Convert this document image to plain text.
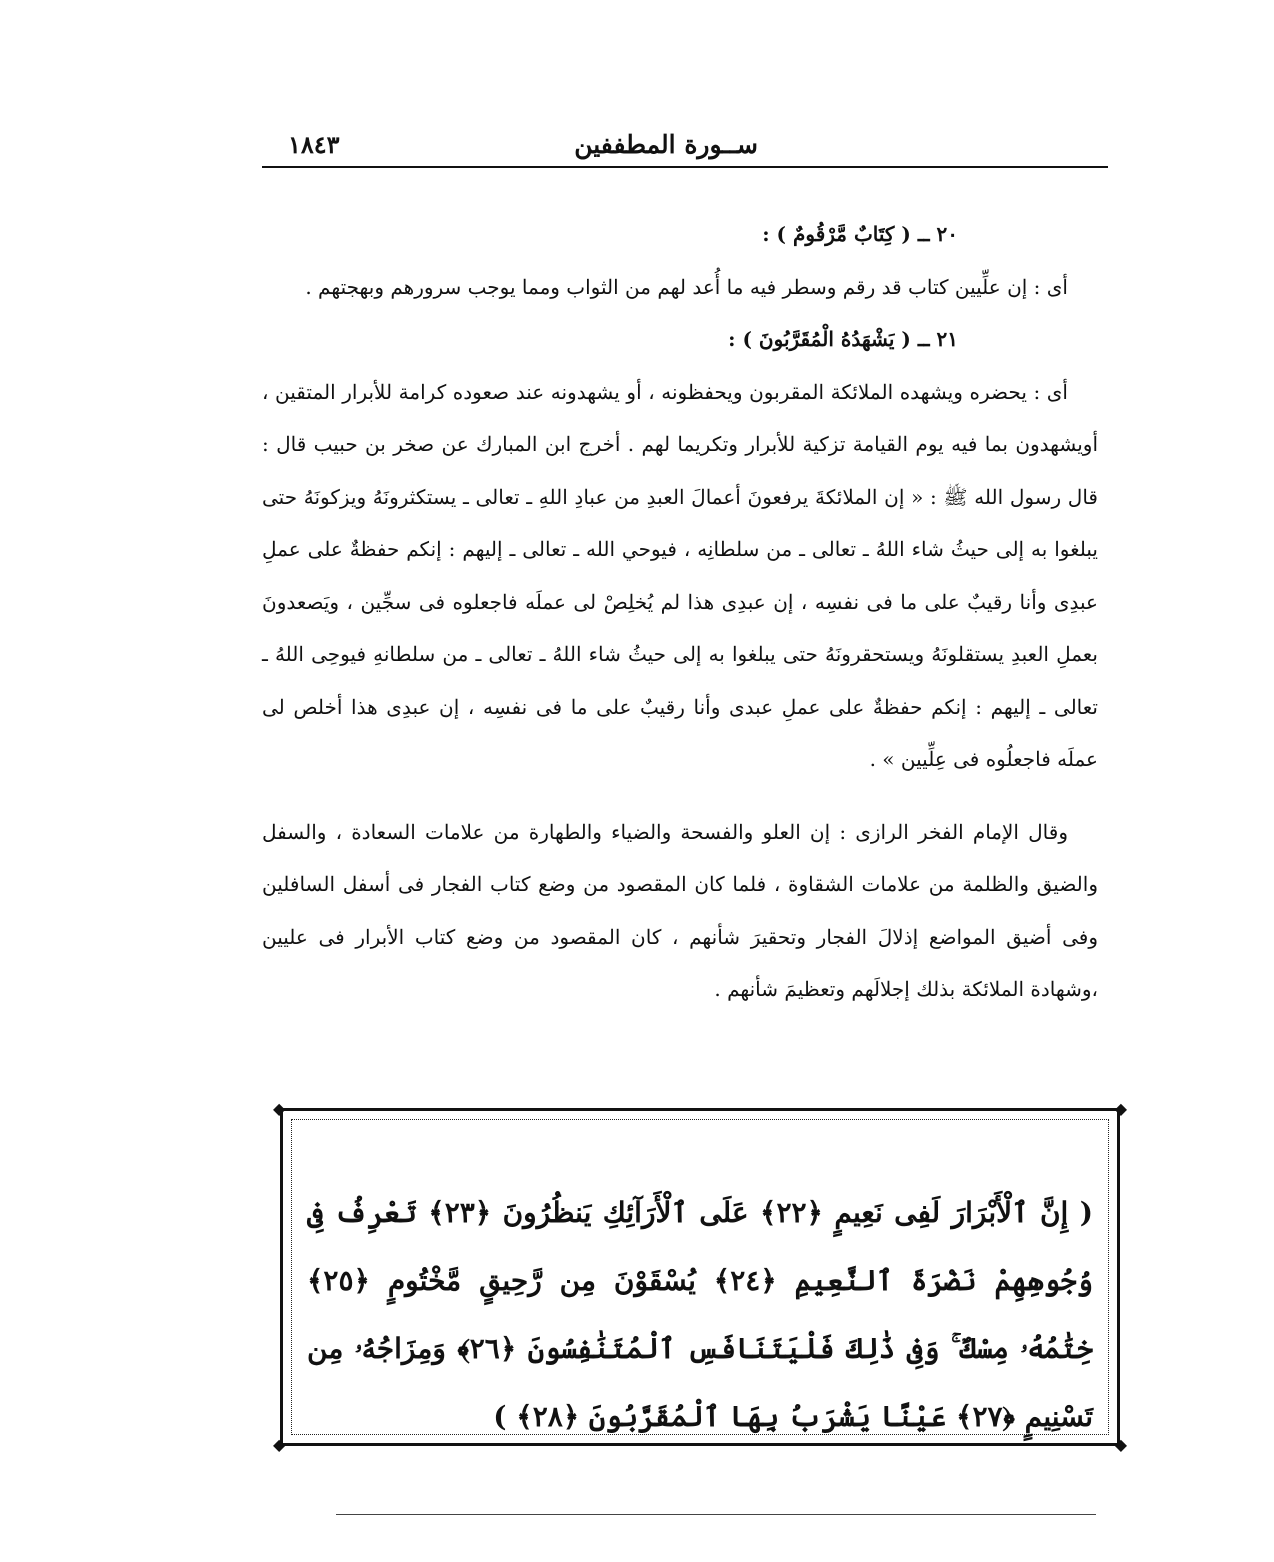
ســورة المطففين
١٨٤٣

٢٠ ــ ( كِتَابٌ مَّرْقُومٌ ) :

أى : إن علِّيين كتاب قد رقم وسطر فيه ما أُعد لهم من الثواب ومما يوجب سرورهم وبهجتهم .

٢١ ــ ( يَشْهَدُهُ الْمُقَرَّبُونَ ) :

أى : يحضره ويشهده الملائكة المقربون ويحفظونه ، أو يشهدونه عند صعوده كرامة للأبرار المتقين ، أويشهدون بما فيه يوم القيامة تزكية للأبرار وتكريما لهم . أخرج ابن المبارك عن صخر بن حبيب قال : قال رسول الله ﷺ : « إن الملائكةَ يرفعونَ أعمالَ العبدِ من عبادِ اللهِ ـ تعالى ـ يستكثرونَهُ ويزكونَهُ حتى يبلغوا به إلى حيثُ شاء اللهُ ـ تعالى ـ من سلطانِه ، فيوحي الله ـ تعالى ـ إليهم : إنكم حفظةٌ على عملِ عبدِى وأنا رقيبٌ على ما فى نفسِه ، إن عبدِى هذا لم يُخلِصْ لى عملَه فاجعلوه فى سجِّين ، ويَصعدونَ بعملِ العبدِ يستقلونَهُ ويستحقرونَهُ حتى يبلغوا به إلى حيثُ شاء اللهُ ـ تعالى ـ من سلطانهِ فيوحِى اللهُ ـ تعالى ـ إليهم : إنكم حفظةٌ على عملِ عبدى وأنا رقيبٌ على ما فى نفسِه ، إن عبدِى هذا أخلص لى عملَه فاجعلُوه فى عِلِّيين » .

وقال الإمام الفخر الرازى : إن العلو والفسحة والضياء والطهارة من علامات السعادة ، والسفل والضيق والظلمة من علامات الشقاوة ، فلما كان المقصود من وضع كتاب الفجار فى أسفل السافلين وفى أضيق المواضع إذلالَ الفجار وتحقيرَ شأنهم ، كان المقصود من وضع كتاب الأبرار فى عليين ،وشهادة الملائكة بذلك إجلالَهم وتعظيمَ شأنهم .

◆	◆
◆	◆

( إِنَّ ٱلْأَبْرَارَ لَفِى نَعِيمٍ ﴿٢٢﴾ عَلَى ٱلْأَرَآئِكِ يَنظُرُونَ ﴿٢٣﴾ تَعْرِفُ فِى وُجُوهِهِمْ نَضْرَةَ ٱلنَّعِيمِ ﴿٢٤﴾ يُسْقَوْنَ مِن رَّحِيقٍ مَّخْتُومٍ ﴿٢٥﴾ خِتَٰمُهُۥ مِسْكٌ ۚ وَفِى ذَٰلِكَ فَلْيَتَنَافَسِ ٱلْمُتَنَٰفِسُونَ ﴿٢٦﴾ وَمِزَاجُهُۥ مِن تَسْنِيمٍ ﴿٢٧﴾ عَيْنًا يَشْرَبُ بِهَا ٱلْمُقَرَّبُونَ ﴿٢٨﴾ )
